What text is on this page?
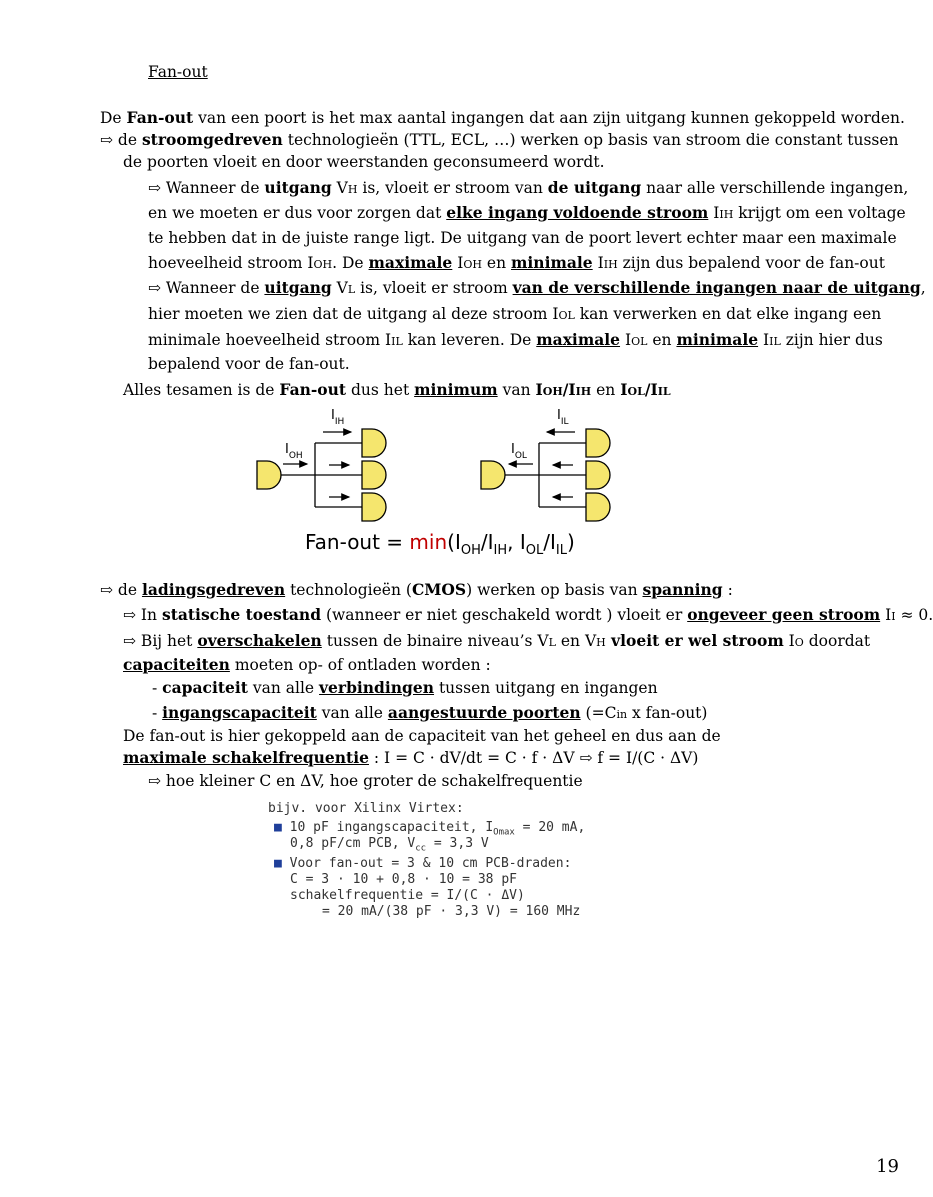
Fan-out
De Fan-out van een poort is het max aantal ingangen dat aan zijn uitgang kunnen gekoppeld worden.
⇨ de stroomgedreven technologieën (TTL, ECL, …) werken op basis van stroom die constant tussen
de poorten vloeit en door weerstanden geconsumeerd wordt.
⇨ Wanneer de uitgang VH is, vloeit er stroom van de uitgang naar alle verschillende ingangen,
en we moeten er dus voor zorgen dat elke ingang voldoende stroom IIH krijgt om een voltage
te hebben dat in de juiste range ligt. De uitgang van de poort levert echter maar een maximale
hoeveelheid stroom IOH. De maximale IOH en minimale IIH zijn dus bepalend voor de fan-out
⇨ Wanneer de uitgang VL is, vloeit er stroom van de verschillende ingangen naar de uitgang,
hier moeten we zien dat de uitgang al deze stroom IOL kan verwerken en dat elke ingang een
minimale hoeveelheid stroom IIL kan leveren. De maximale IOL en minimale IIL zijn hier dus
bepalend voor de fan-out.
Alles tesamen is de Fan-out dus het minimum van IOH/IIH en IOL/IIL
$I_{IH}$
$I_{OH}$
$I_{IL}$
$I_{OL}$
$Fan-out = \min(I_{OH}/I_{IH}$, $I_{OL}/I_{IL}$)
⇨ de ladingsgedreven technologieën (CMOS) werken op basis van spanning :
⇨ In statische toestand (wanneer er niet geschakeld wordt ) vloeit er ongeveer geen stroom II ≈ 0.
⇨ Bij het overschakelen tussen de binaire niveau’s VL en VH vloeit er wel stroom IO doordat
capaciteiten moeten op- of ontladen worden :
- capaciteit van alle verbindingen tussen uitgang en ingangen
- ingangscapaciteit van alle aangestuurde poorten (=Cin x fan-out)
De fan-out is hier gekoppeld aan de capaciteit van het geheel en dus aan de
maximale schakelfrequentie : I = C · dV/dt = C · f · ΔV ⇨ f = I/(C · ΔV)
⇨ hoe kleiner C en ΔV, hoe groter de schakelfrequentie
bijv. voor Xilinx Virtex:
■ 10 pF ingangscapaciteit, $I_{Omax} = 20$ mA,
0,8 pF/cm PCB, $V_{cc} = 3,3$ V
■ Voor fan-out = 3 & 10 cm PCB-draden:
C = 3 · 10 + 0,8 · 10 = 38 pF
schakelfrequentie = I/(C · ΔV)
= 20 mA/(38 pF · 3,3 V) = 160 MHz
19
